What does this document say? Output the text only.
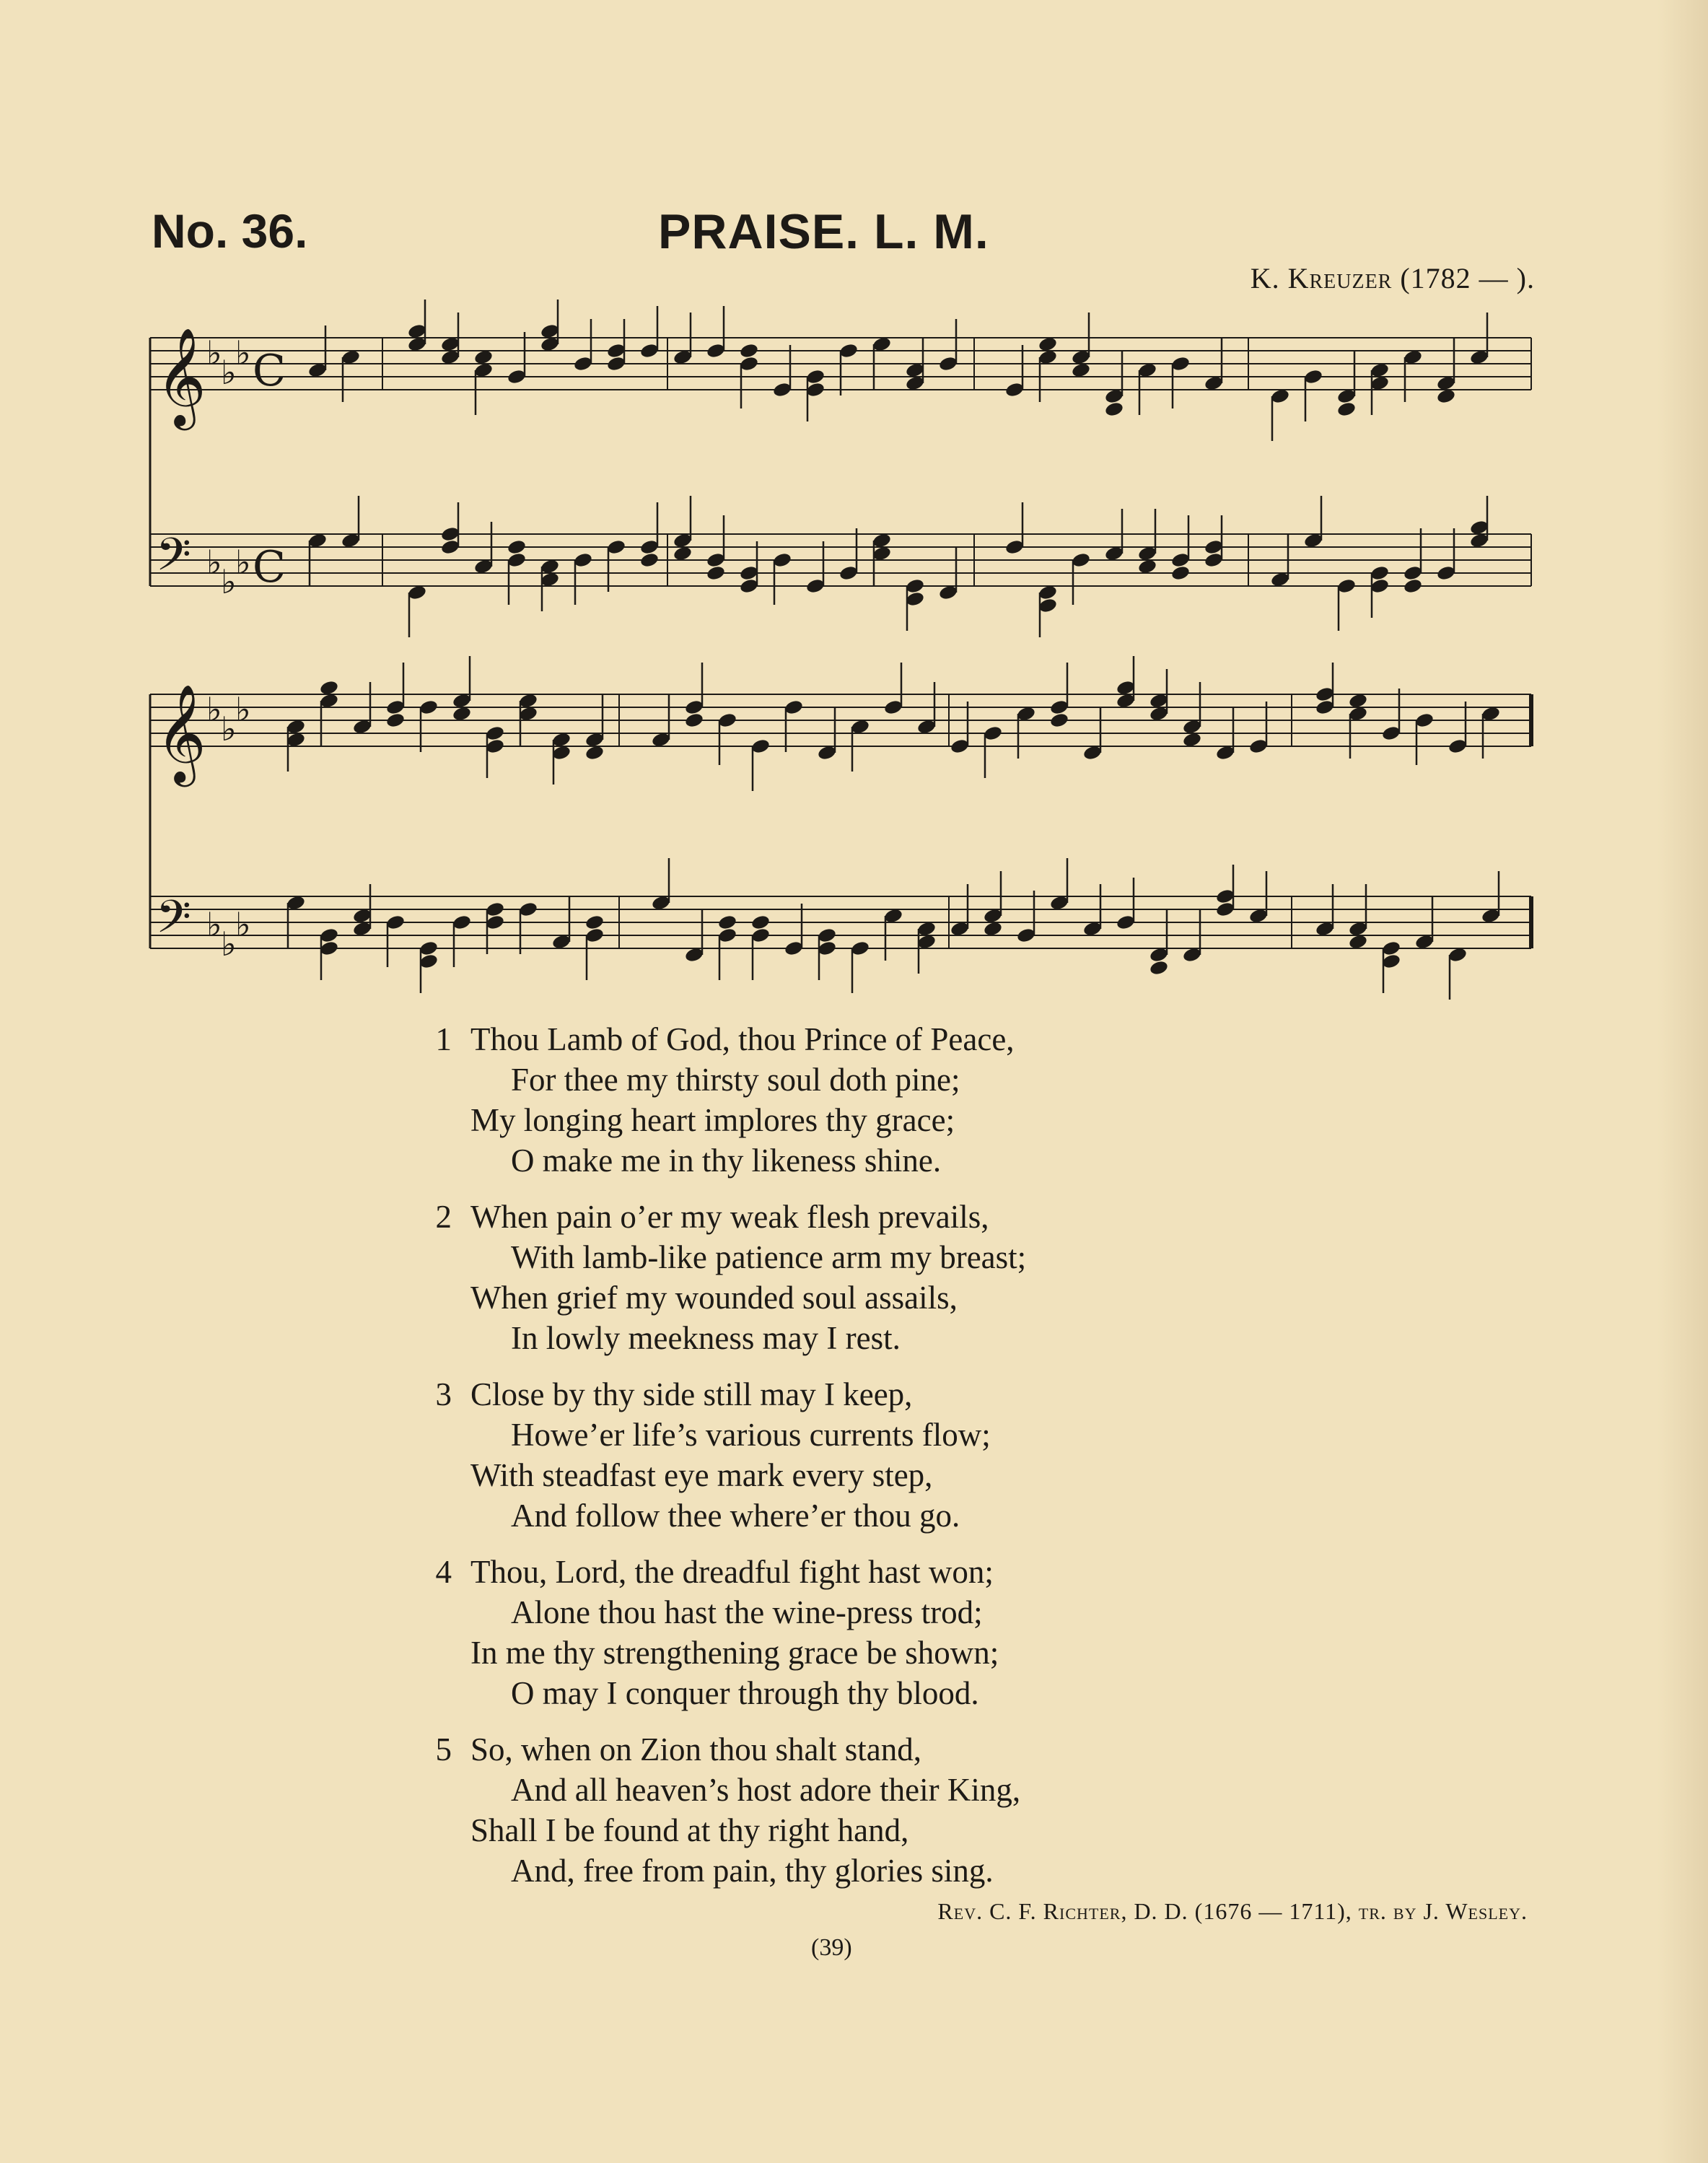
No. 36.	PRAISE. L. M.
K. Kreuzer (1782 — ).
𝄞 ♭
♭
♭ C
𝄢 ♭
♭
♭ C
𝄞 ♭
♭
♭
𝄢 ♭
♭
♭
1 Thou Lamb of God, thou Prince of Peace,
For thee my thirsty soul doth pine;
My longing heart implores thy grace;
O make me in thy likeness shine.
2 When pain o’er my weak flesh prevails,
With lamb-like patience arm my breast;
When grief my wounded soul assails,
In lowly meekness may I rest.
3 Close by thy side still may I keep,
Howe’er life’s various currents flow;
With steadfast eye mark every step,
And follow thee where’er thou go.
4 Thou, Lord, the dreadful fight hast won;
Alone thou hast the wine-press trod;
In me thy strengthening grace be shown;
O may I conquer through thy blood.
5 So, when on Zion thou shalt stand,
And all heaven’s host adore their King,
Shall I be found at thy right hand,
And, free from pain, thy glories sing.
Rev. C. F. Richter, D. D. (1676 — 1711), tr. by J. Wesley.
(39)
